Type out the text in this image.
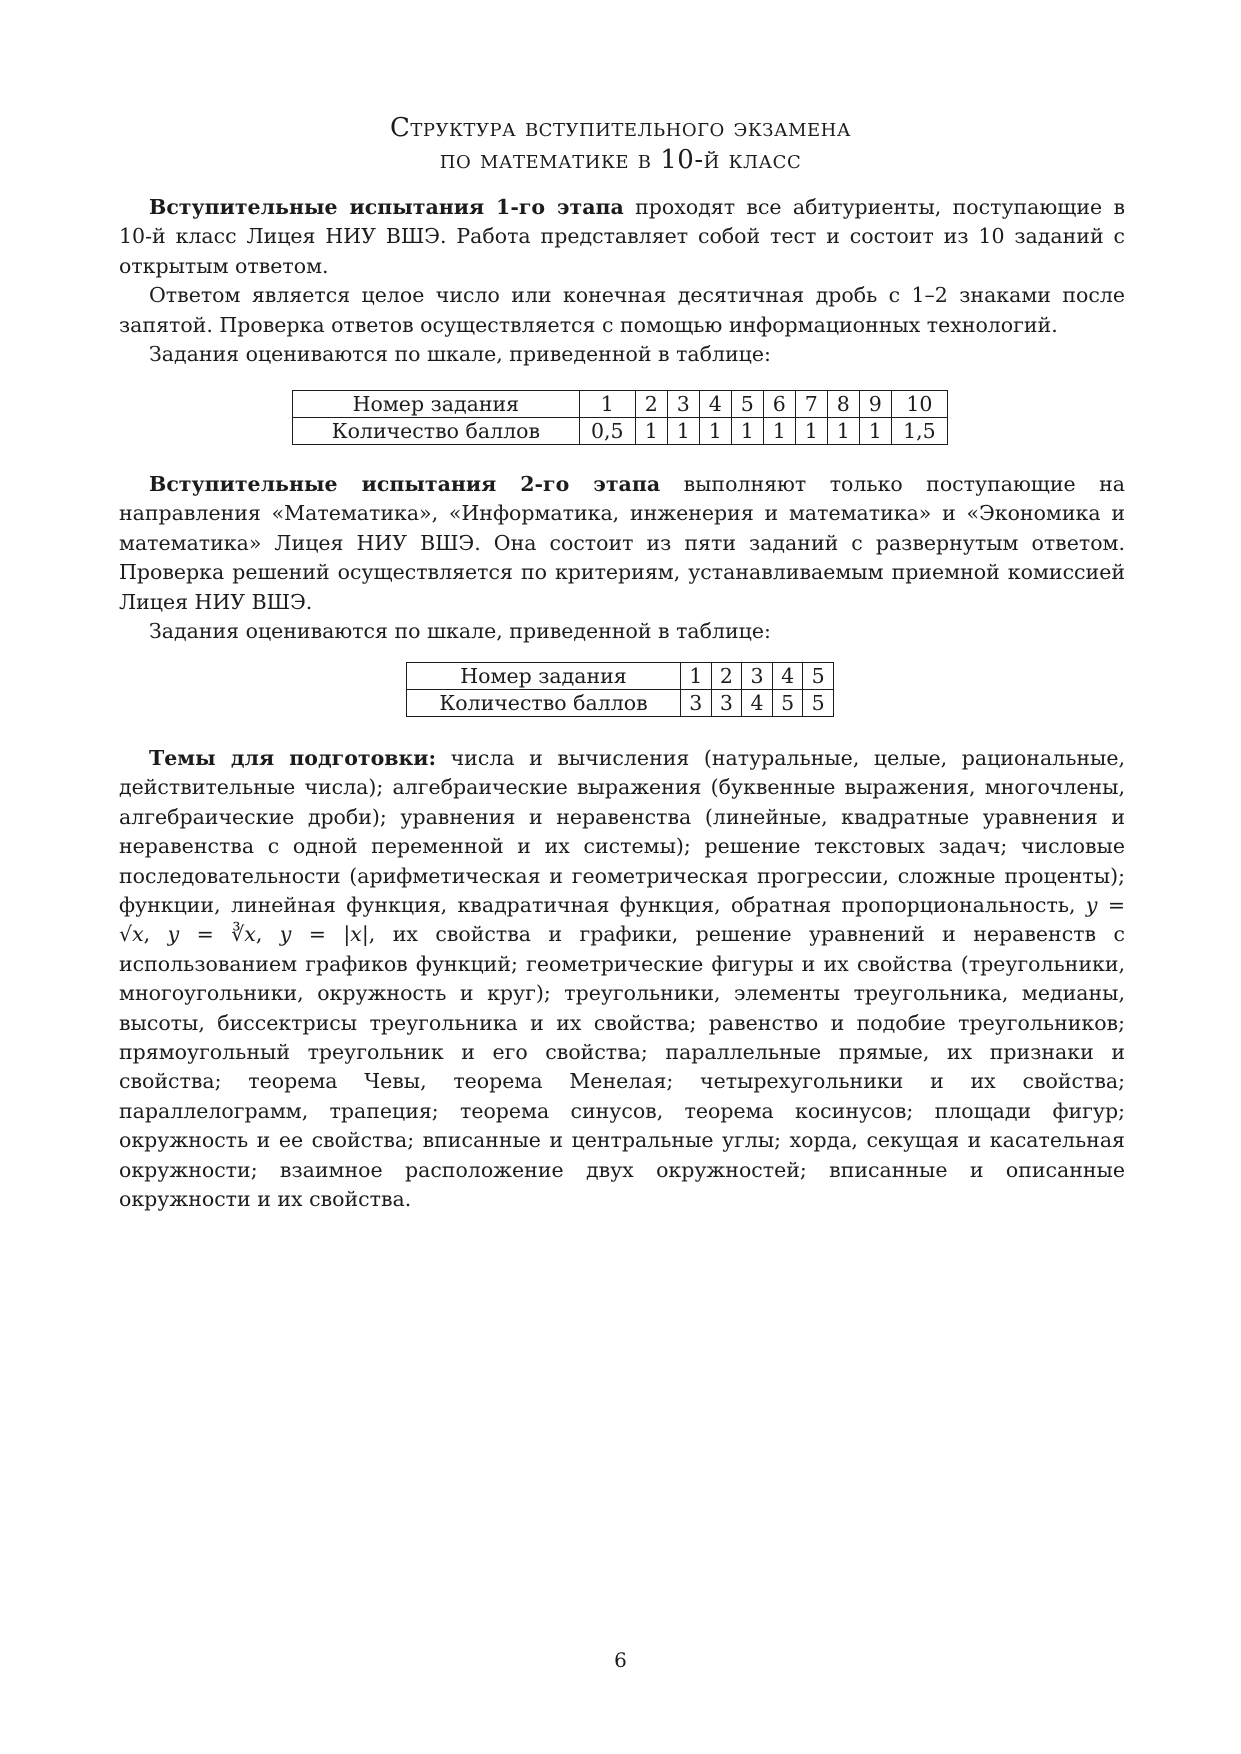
Структура вступительного экзамена
по математике в 10-й класс

Вступительные испытания 1-го этапа проходят все абитуриенты, поступающие в 10-й класс Лицея НИУ ВШЭ. Работа представляет собой тест и состоит из 10 заданий с открытым ответом.

Ответом является целое число или конечная десятичная дробь с 1–2 знаками после запятой. Проверка ответов осуществляется с помощью информационных технологий.

Задания оцениваются по шкале, приведенной в таблице:

Номер задания	1	2	3	4	5	6	7	8	9	10
Количество баллов	0,5	1	1	1	1	1	1	1	1	1,5

Вступительные испытания 2-го этапа выполняют только поступающие на направления «Математика», «Информатика, инженерия и математика» и «Экономика и математика» Лицея НИУ ВШЭ. Она состоит из пяти заданий с развернутым ответом. Проверка решений осуществляется по критериям, устанавливаемым приемной комиссией Лицея НИУ ВШЭ.

Задания оцениваются по шкале, приведенной в таблице:

Номер задания	1	2	3	4	5
Количество баллов	3	3	4	5	5

Темы для подготовки: числа и вычисления (натуральные, целые, рациональные, действительные числа); алгебраические выражения (буквенные выражения, многочлены, алгебраические дроби); уравнения и неравенства (линейные, квадратные уравнения и неравенства с одной переменной и их системы); решение текстовых задач; числовые последовательности (арифметическая и геометрическая прогрессии, сложные проценты); функции, линейная функция, квадратичная функция, обратная пропорциональность, y = √x, y = ∛x, y = |x|, их свойства и графики, решение уравнений и неравенств с использованием графиков функций; геометрические фигуры и их свойства (треугольники, многоугольники, окружность и круг); треугольники, элементы треугольника, медианы, высоты, биссектрисы треугольника и их свойства; равенство и подобие треугольников; прямоугольный треугольник и его свойства; параллельные прямые, их признаки и свойства; теорема Чевы, теорема Менелая; четырехугольники и их свойства; параллелограмм, трапеция; теорема синусов, теорема косинусов; площади фигур; окружность и ее свойства; вписанные и центральные углы; хорда, секущая и касательная окружности; взаимное расположение двух окружностей; вписанные и описанные окружности и их свойства.

6
